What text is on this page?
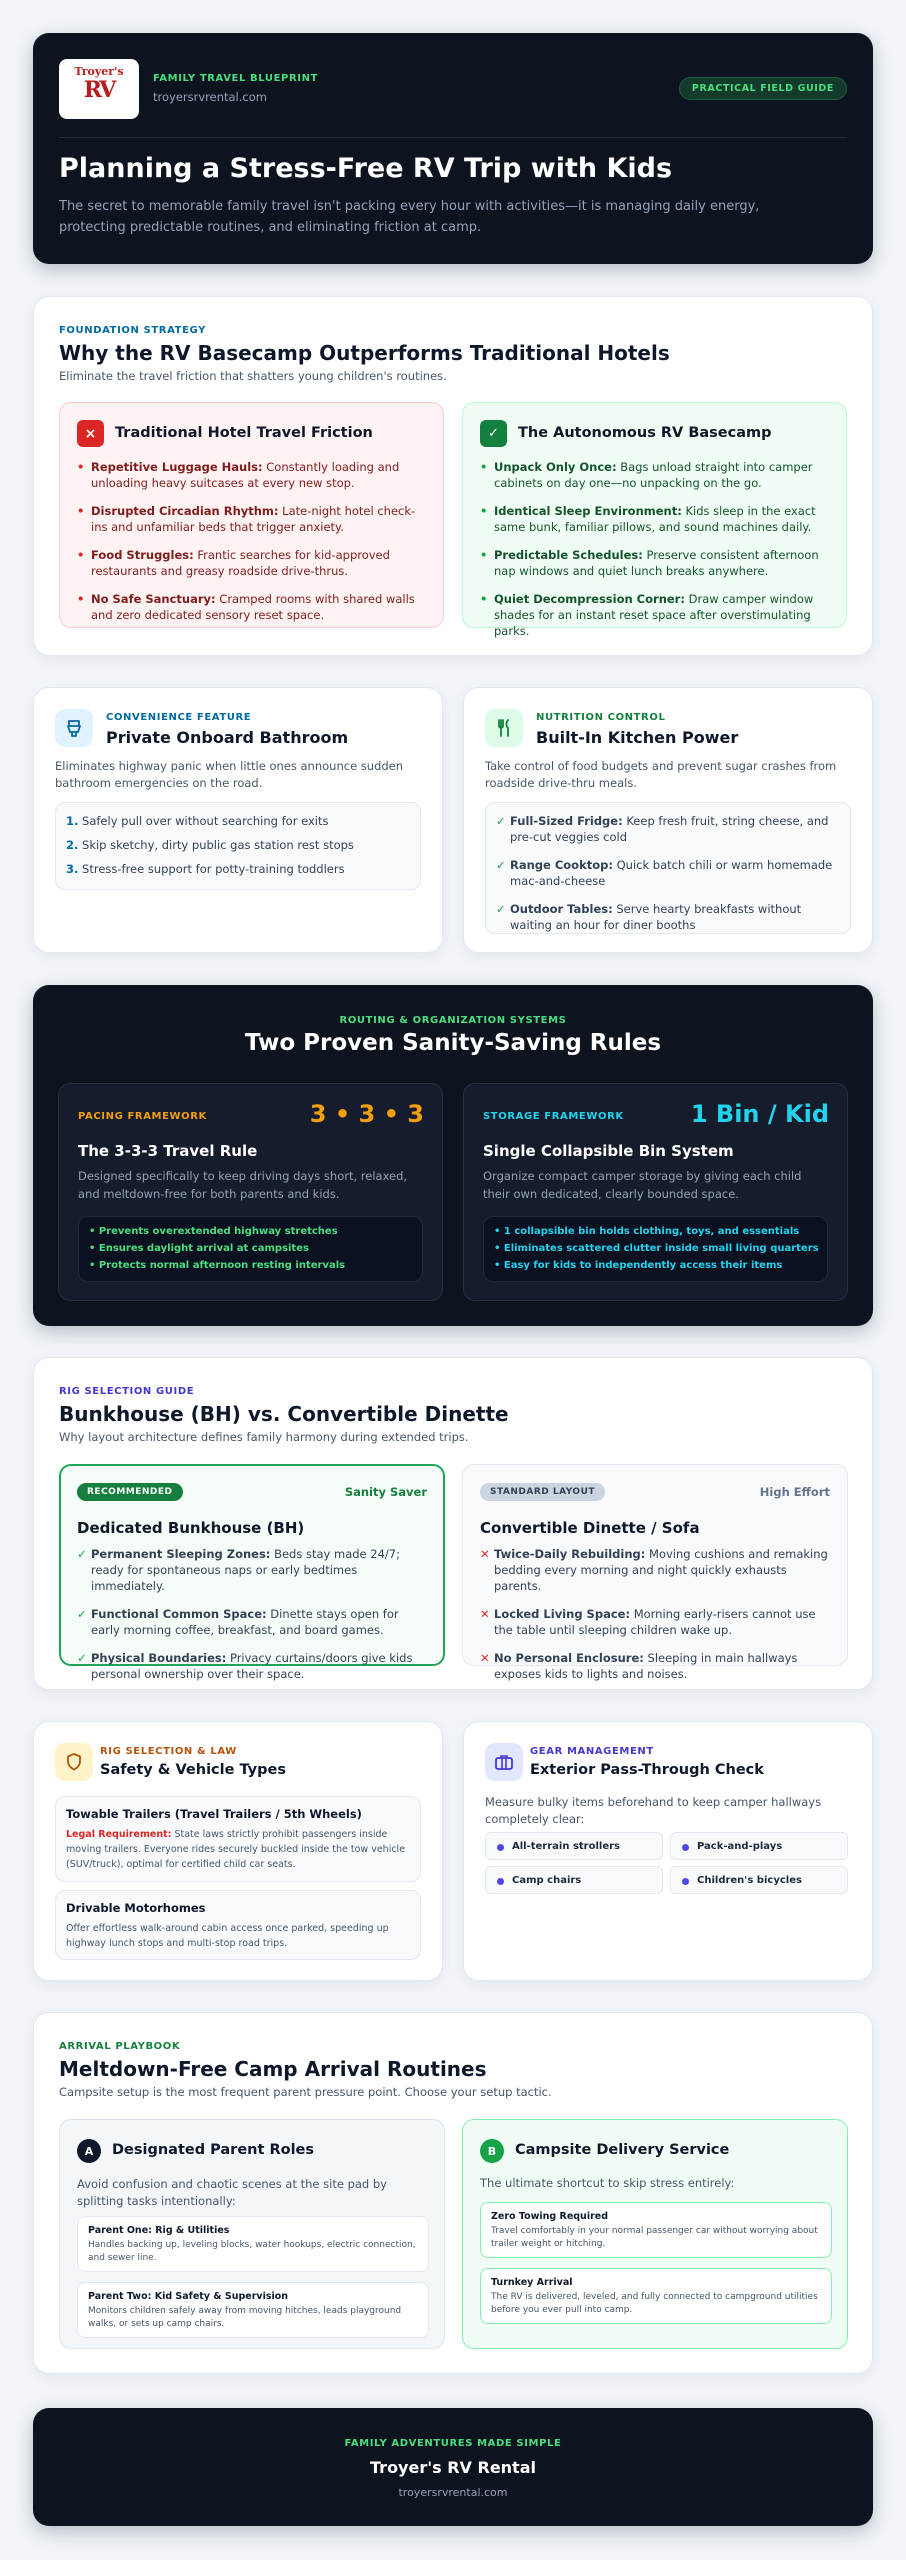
Troyer's
RV	FAMILY TRAVEL BLUEPRINT
troyersrvrental.com
PRACTICAL FIELD GUIDE
Planning a Stress-Free RV Trip with Kids
The secret to memorable family travel isn't packing every hour with activities—it is managing daily energy, protecting predictable routines, and eliminating friction at camp.
FOUNDATION STRATEGY
Why the RV Basecamp Outperforms Traditional Hotels
Eliminate the travel friction that shatters young children's routines.
×	Traditional Hotel Travel Friction
• Repetitive Luggage Hauls: Constantly loading and unloading heavy suitcases at every new stop.
• Disrupted Circadian Rhythm: Late-night hotel check-ins and unfamiliar beds that trigger anxiety.
• Food Struggles: Frantic searches for kid-approved restaurants and greasy roadside drive-thrus.
• No Safe Sanctuary: Cramped rooms with shared walls and zero dedicated sensory reset space.
✓	The Autonomous RV Basecamp
• Unpack Only Once: Bags unload straight into camper cabinets on day one—no unpacking on the go.
• Identical Sleep Environment: Kids sleep in the exact same bunk, familiar pillows, and sound machines daily.
• Predictable Schedules: Preserve consistent afternoon nap windows and quiet lunch breaks anywhere.
• Quiet Decompression Corner: Draw camper window shades for an instant reset space after overstimulating parks.
CONVENIENCE FEATURE
Private Onboard Bathroom
Eliminates highway panic when little ones announce sudden bathroom emergencies on the road.
1. Safely pull over without searching for exits
2. Skip sketchy, dirty public gas station rest stops
3. Stress-free support for potty-training toddlers
NUTRITION CONTROL
Built-In Kitchen Power
Take control of food budgets and prevent sugar crashes from roadside drive-thru meals.
✓ Full-Sized Fridge: Keep fresh fruit, string cheese, and pre-cut veggies cold
✓ Range Cooktop: Quick batch chili or warm homemade mac-and-cheese
✓ Outdoor Tables: Serve hearty breakfasts without waiting an hour for diner booths
ROUTING & ORGANIZATION SYSTEMS
Two Proven Sanity-Saving Rules
PACING FRAMEWORK	3 • 3 • 3
The 3-3-3 Travel Rule
Designed specifically to keep driving days short, relaxed, and meltdown-free for both parents and kids.
• Prevents overextended highway stretches
• Ensures daylight arrival at campsites
• Protects normal afternoon resting intervals
STORAGE FRAMEWORK	1 Bin / Kid
Single Collapsible Bin System
Organize compact camper storage by giving each child their own dedicated, clearly bounded space.
• 1 collapsible bin holds clothing, toys, and essentials
• Eliminates scattered clutter inside small living quarters
• Easy for kids to independently access their items
RIG SELECTION GUIDE
Bunkhouse (BH) vs. Convertible Dinette
Why layout architecture defines family harmony during extended trips.
RECOMMENDED	Sanity Saver
Dedicated Bunkhouse (BH)
✓ Permanent Sleeping Zones: Beds stay made 24/7; ready for spontaneous naps or early bedtimes immediately.
✓ Functional Common Space: Dinette stays open for early morning coffee, breakfast, and board games.
✓ Physical Boundaries: Privacy curtains/doors give kids personal ownership over their space.
STANDARD LAYOUT	High Effort
Convertible Dinette / Sofa
✕ Twice-Daily Rebuilding: Moving cushions and remaking bedding every morning and night quickly exhausts parents.
✕ Locked Living Space: Morning early-risers cannot use the table until sleeping children wake up.
✕ No Personal Enclosure: Sleeping in main hallways exposes kids to lights and noises.
RIG SELECTION & LAW
Safety & Vehicle Types
Towable Trailers (Travel Trailers / 5th Wheels)
Legal Requirement: State laws strictly prohibit passengers inside moving trailers. Everyone rides securely buckled inside the tow vehicle (SUV/truck), optimal for certified child car seats.
Drivable Motorhomes
Offer effortless walk-around cabin access once parked, speeding up highway lunch stops and multi-stop road trips.
GEAR MANAGEMENT
Exterior Pass-Through Check
Measure bulky items beforehand to keep camper hallways completely clear:
All-terrain strollers	Pack-and-plays
Camp chairs	Children's bicycles
ARRIVAL PLAYBOOK
Meltdown-Free Camp Arrival Routines
Campsite setup is the most frequent parent pressure point. Choose your setup tactic.
A	Designated Parent Roles
Avoid confusion and chaotic scenes at the site pad by splitting tasks intentionally:
Parent One: Rig & Utilities
Handles backing up, leveling blocks, water hookups, electric connection, and sewer line.
Parent Two: Kid Safety & Supervision
Monitors children safely away from moving hitches, leads playground walks, or sets up camp chairs.
B	Campsite Delivery Service
The ultimate shortcut to skip stress entirely:
Zero Towing Required
Travel comfortably in your normal passenger car without worrying about trailer weight or hitching.
Turnkey Arrival
The RV is delivered, leveled, and fully connected to campground utilities before you ever pull into camp.
FAMILY ADVENTURES MADE SIMPLE
Troyer's RV Rental
troyersrvrental.com
